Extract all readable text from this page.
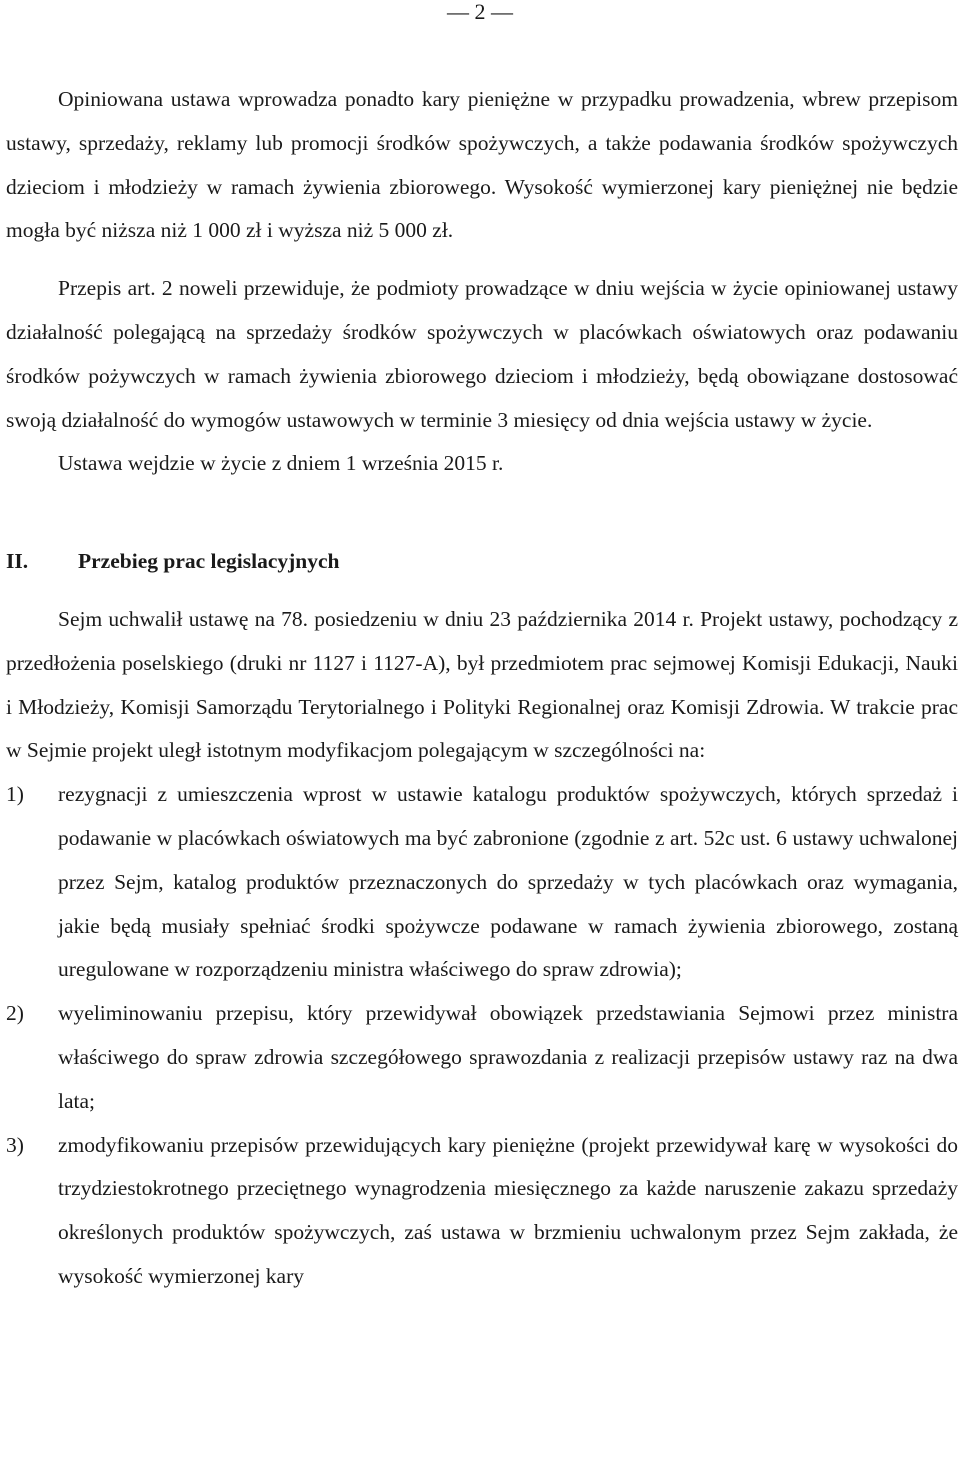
— 2 —

Opiniowana ustawa wprowadza ponadto kary pieniężne w przypadku prowadzenia, wbrew przepisom ustawy, sprzedaży, reklamy lub promocji środków spożywczych, a także podawania środków spożywczych dzieciom i młodzieży w ramach żywienia zbiorowego. Wysokość wymierzonej kary pieniężnej nie będzie mogła być niższa niż 1 000 zł i wyższa niż 5 000 zł.

Przepis art. 2 noweli przewiduje, że podmioty prowadzące w dniu wejścia w życie opiniowanej ustawy działalność polegającą na sprzedaży środków spożywczych w placówkach oświatowych oraz podawaniu środków pożywczych w ramach żywienia zbiorowego dzieciom i młodzieży, będą obowiązane dostosować swoją działalność do wymogów ustawowych w terminie 3 miesięcy od dnia wejścia ustawy w życie.

Ustawa wejdzie w życie z dniem 1 września 2015 r.

II.	Przebieg prac legislacyjnych

Sejm uchwalił ustawę na 78. posiedzeniu w dniu 23 października 2014 r. Projekt ustawy, pochodzący z przedłożenia poselskiego (druki nr 1127 i 1127-A), był przedmiotem prac sejmowej Komisji Edukacji, Nauki i Młodzieży, Komisji Samorządu Terytorialnego i Polityki Regionalnej oraz Komisji Zdrowia. W trakcie prac w Sejmie projekt uległ istotnym modyfikacjom polegającym w szczególności na:

1)	rezygnacji z umieszczenia wprost w ustawie katalogu produktów spożywczych, których sprzedaż i podawanie w placówkach oświatowych ma być zabronione (zgodnie z art. 52c ust. 6 ustawy uchwalonej przez Sejm, katalog produktów przeznaczonych do sprzedaży w tych placówkach oraz wymagania, jakie będą musiały spełniać środki spożywcze podawane w ramach żywienia zbiorowego, zostaną uregulowane w rozporządzeniu ministra właściwego do spraw zdrowia);
2)	wyeliminowaniu przepisu, który przewidywał obowiązek przedstawiania Sejmowi przez ministra właściwego do spraw zdrowia szczegółowego sprawozdania z realizacji przepisów ustawy raz na dwa lata;
3)	zmodyfikowaniu przepisów przewidujących kary pieniężne (projekt przewidywał karę w wysokości do trzydziestokrotnego przeciętnego wynagrodzenia miesięcznego za każde naruszenie zakazu sprzedaży określonych produktów spożywczych, zaś ustawa w brzmieniu uchwalonym przez Sejm zakłada, że wysokość wymierzonej kary
